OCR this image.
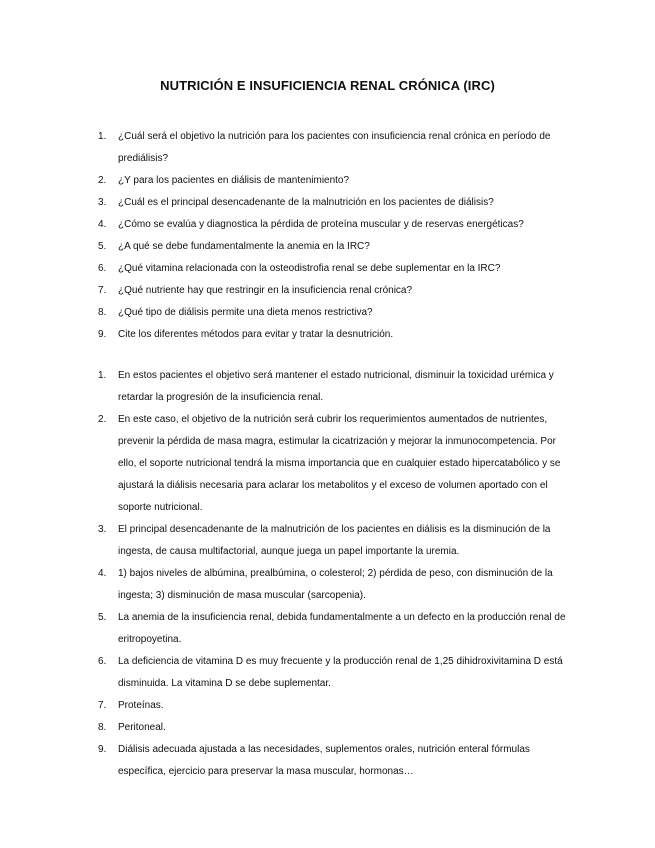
NUTRICIÓN E INSUFICIENCIA RENAL CRÓNICA (IRC)
1.	¿Cuál será el objetivo la nutrición para los pacientes con insuficiencia renal crónica en período de prediálisis?
2.	¿Y para los pacientes en diálisis de mantenimiento?
3.	¿Cuál es el principal desencadenante de la malnutrición en los pacientes de diálisis?
4.	¿Cómo se evalúa y diagnostica la pérdida de proteína muscular y de reservas energéticas?
5.	¿A qué se debe fundamentalmente la anemia en la IRC?
6.	¿Qué vitamina relacionada con la osteodistrofia renal se debe suplementar en la IRC?
7.	¿Qué nutriente hay que restringir en la insuficiencia renal crónica?
8.	¿Qué tipo de diálisis permite una dieta menos restrictiva?
9.	Cite los diferentes métodos para evitar y tratar la desnutrición.
1.	En estos pacientes el objetivo será mantener el estado nutricional, disminuir la toxicidad urémica y retardar la progresión de la insuficiencia renal.
2.	En este caso, el objetivo de la nutrición será cubrir los requerimientos aumentados de nutrientes, prevenir la pérdida de masa magra, estimular la cicatrización y mejorar la inmunocompetencia. Por ello, el soporte nutricional tendrá la misma importancia que en cualquier estado hipercatabólico y se ajustará la diálisis necesaria para aclarar los metabolitos y el exceso de volumen aportado con el soporte nutricional.
3.	El principal desencadenante de la malnutrición de los pacientes en diálisis es la disminución de la ingesta, de causa multifactorial, aunque juega un papel importante la uremia.
4.	1) bajos niveles de albúmina, prealbúmina, o colesterol; 2) pérdida de peso, con disminución de la ingesta; 3) disminución de masa muscular (sarcopenia).
5.	La anemia de la insuficiencia renal, debida fundamentalmente a un defecto en la producción renal de eritropoyetina.
6.	La deficiencia de vitamina D es muy frecuente y la producción renal de 1,25 dihidroxivitamina D está disminuida. La vitamina D se debe suplementar.
7.	Proteínas.
8.	Peritoneal.
9.	Diálisis adecuada ajustada a las necesidades, suplementos orales, nutrición enteral fórmulas específica, ejercicio para preservar la masa muscular, hormonas…
